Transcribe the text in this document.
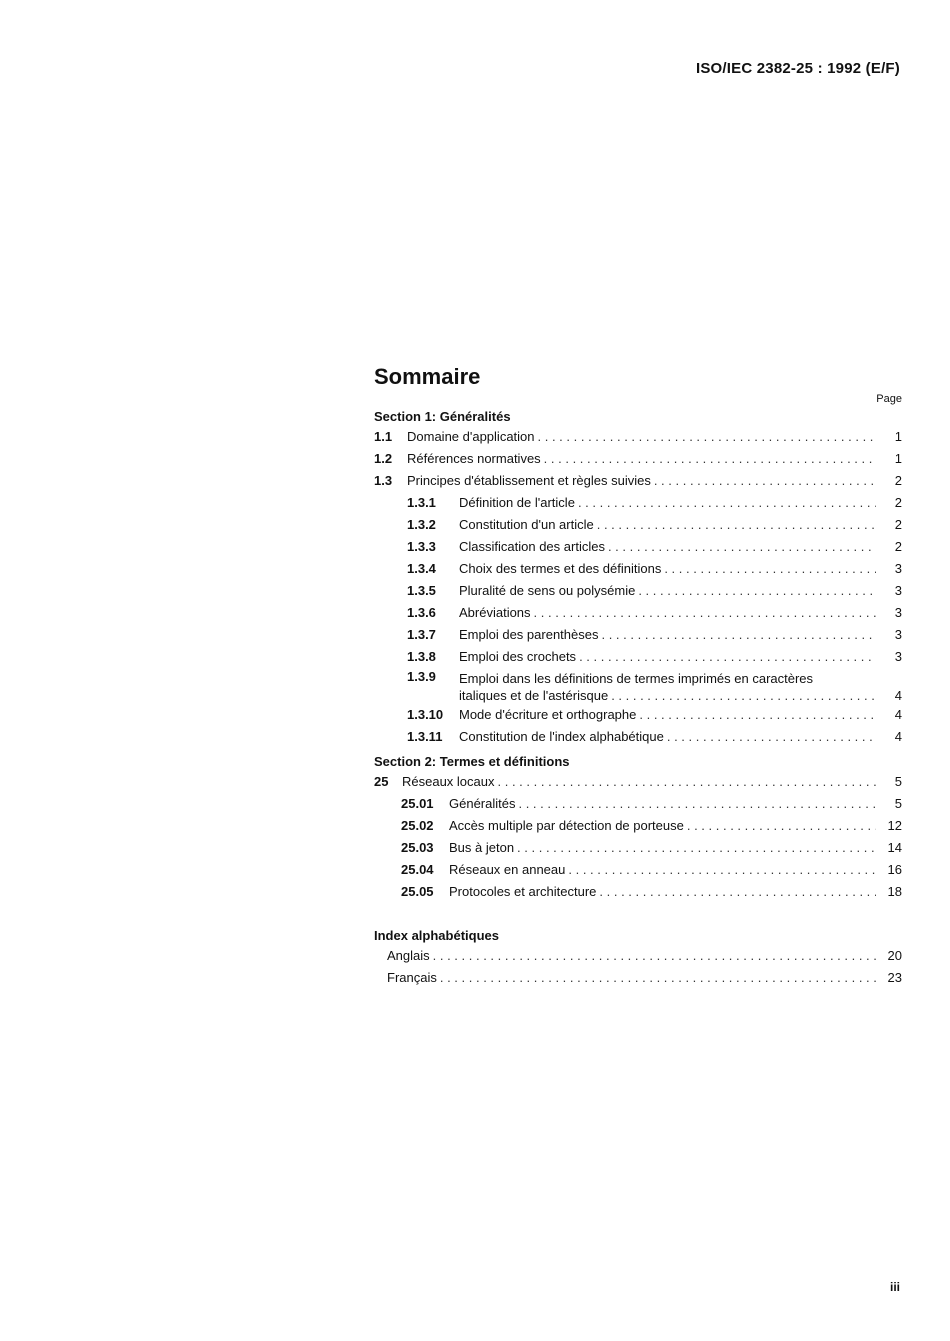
ISO/IEC 2382-25 : 1992 (E/F)
Sommaire
Page
Section 1: Généralités
1.1	Domaine d'application . . .	1
1.2	Références normatives . . .	1
1.3	Principes d'établissement et règles suivies . . .	2
1.3.1	Définition de l'article . . .	2
1.3.2	Constitution d'un article . . .	2
1.3.3	Classification des articles . . .	2
1.3.4	Choix des termes et des définitions . . .	3
1.3.5	Pluralité de sens ou polysémie . . .	3
1.3.6	Abréviations . . .	3
1.3.7	Emploi des parenthèses . . .	3
1.3.8	Emploi des crochets . . .	3
1.3.9	Emploi dans les définitions de termes imprimés en caractères
italiques et de l'astérisque . . .	4
1.3.10	Mode d'écriture et orthographe . . .	4
1.3.11	Constitution de l'index alphabétique . . .	4
Section 2: Termes et définitions
25	Réseaux locaux . . .	5
25.01	Généralités . . .	5
25.02	Accès multiple par détection de porteuse . . .	12
25.03	Bus à jeton . . .	14
25.04	Réseaux en anneau . . .	16
25.05	Protocoles et architecture . . .	18
Index alphabétiques
Anglais . . .	20
Français . . .	23
iii
